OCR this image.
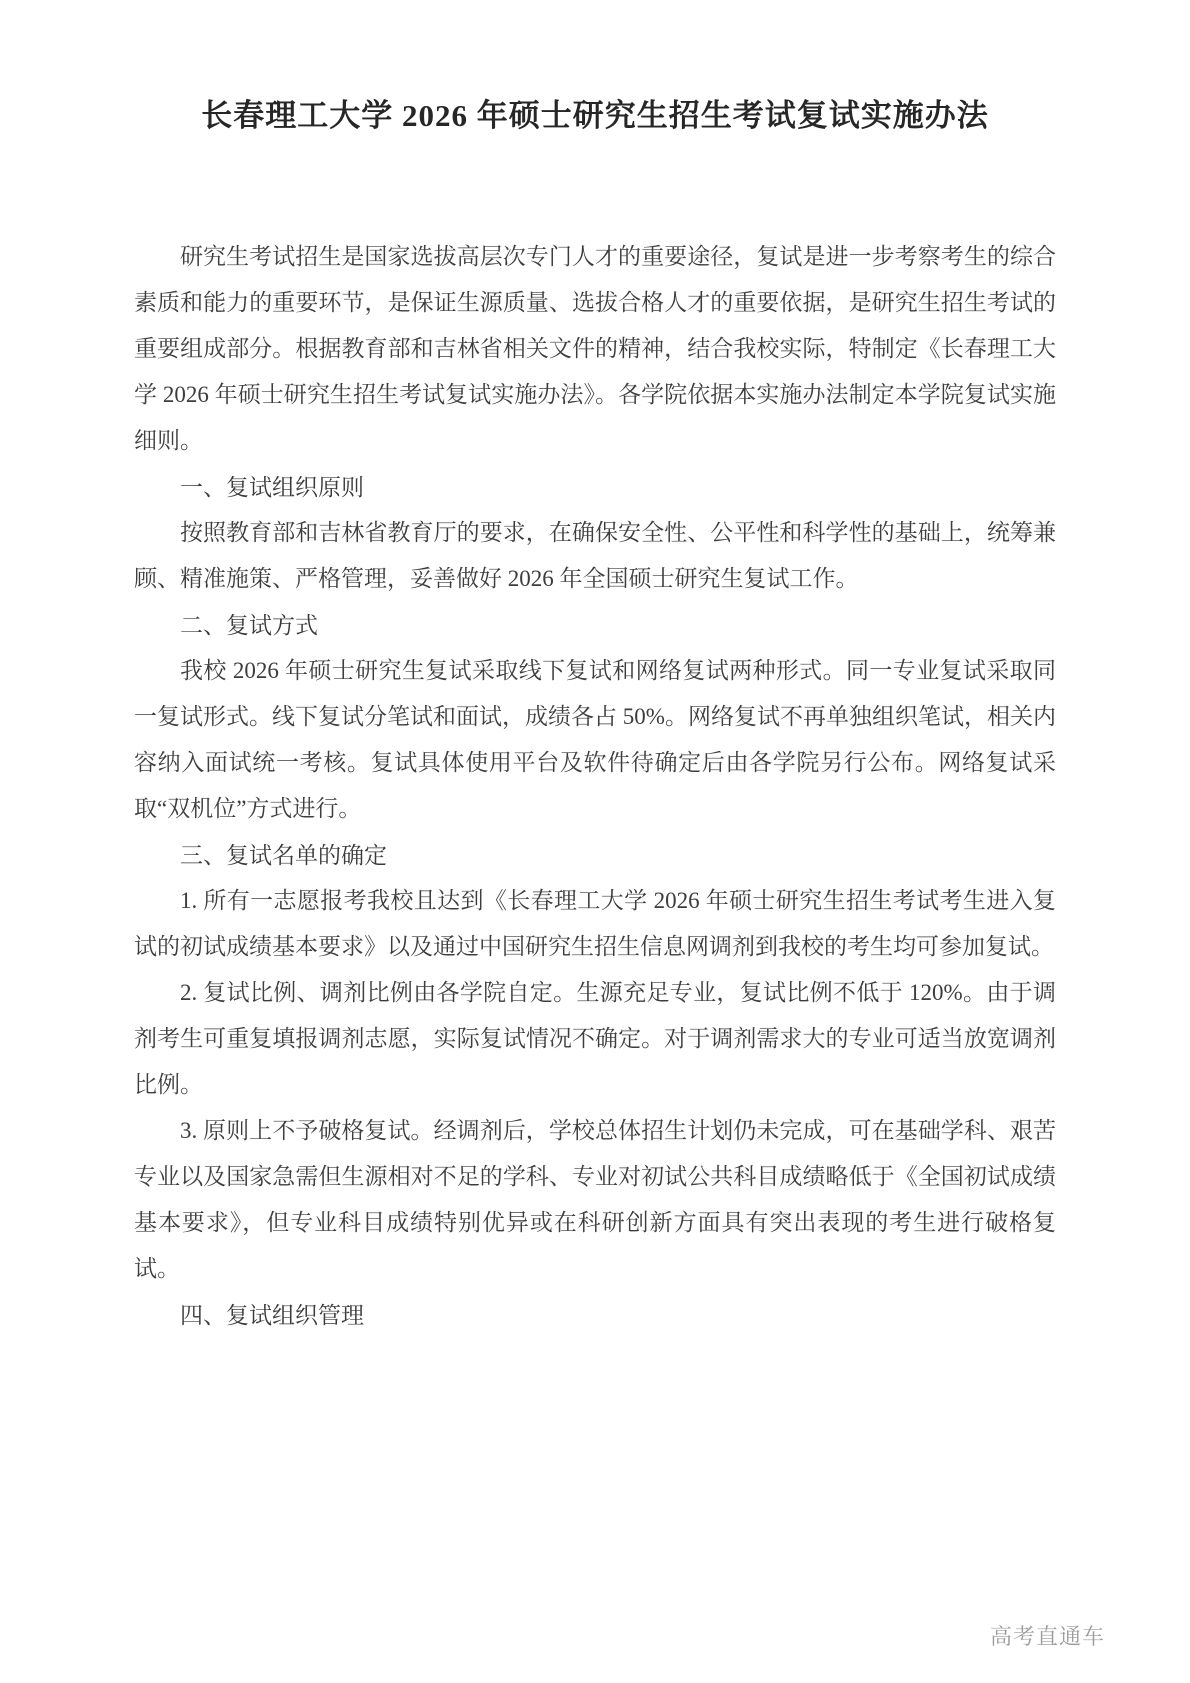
长春理工大学 2026 年硕士研究生招生考试复试实施办法

研究生考试招生是国家选拔高层次专门人才的重要途径，复试是进一步考察考生的综合素质和能力的重要环节，是保证生源质量、选拔合格人才的重要依据，是研究生招生考试的重要组成部分。根据教育部和吉林省相关文件的精神，结合我校实际，特制定《长春理工大学 2026 年硕士研究生招生考试复试实施办法》。各学院依据本实施办法制定本学院复试实施细则。

一、复试组织原则

按照教育部和吉林省教育厅的要求，在确保安全性、公平性和科学性的基础上，统筹兼顾、精准施策、严格管理，妥善做好 2026 年全国硕士研究生复试工作。

二、复试方式

我校 2026 年硕士研究生复试采取线下复试和网络复试两种形式。同一专业复试采取同一复试形式。线下复试分笔试和面试，成绩各占 50%。网络复试不再单独组织笔试，相关内容纳入面试统一考核。复试具体使用平台及软件待确定后由各学院另行公布。网络复试采取“双机位”方式进行。

三、复试名单的确定

1. 所有一志愿报考我校且达到《长春理工大学 2026 年硕士研究生招生考试考生进入复试的初试成绩基本要求》以及通过中国研究生招生信息网调剂到我校的考生均可参加复试。

2. 复试比例、调剂比例由各学院自定。生源充足专业，复试比例不低于 120%。由于调剂考生可重复填报调剂志愿，实际复试情况不确定。对于调剂需求大的专业可适当放宽调剂比例。

3. 原则上不予破格复试。经调剂后，学校总体招生计划仍未完成，可在基础学科、艰苦专业以及国家急需但生源相对不足的学科、专业对初试公共科目成绩略低于《全国初试成绩基本要求》，但专业科目成绩特别优异或在科研创新方面具有突出表现的考生进行破格复试。

四、复试组织管理

高考直通车
